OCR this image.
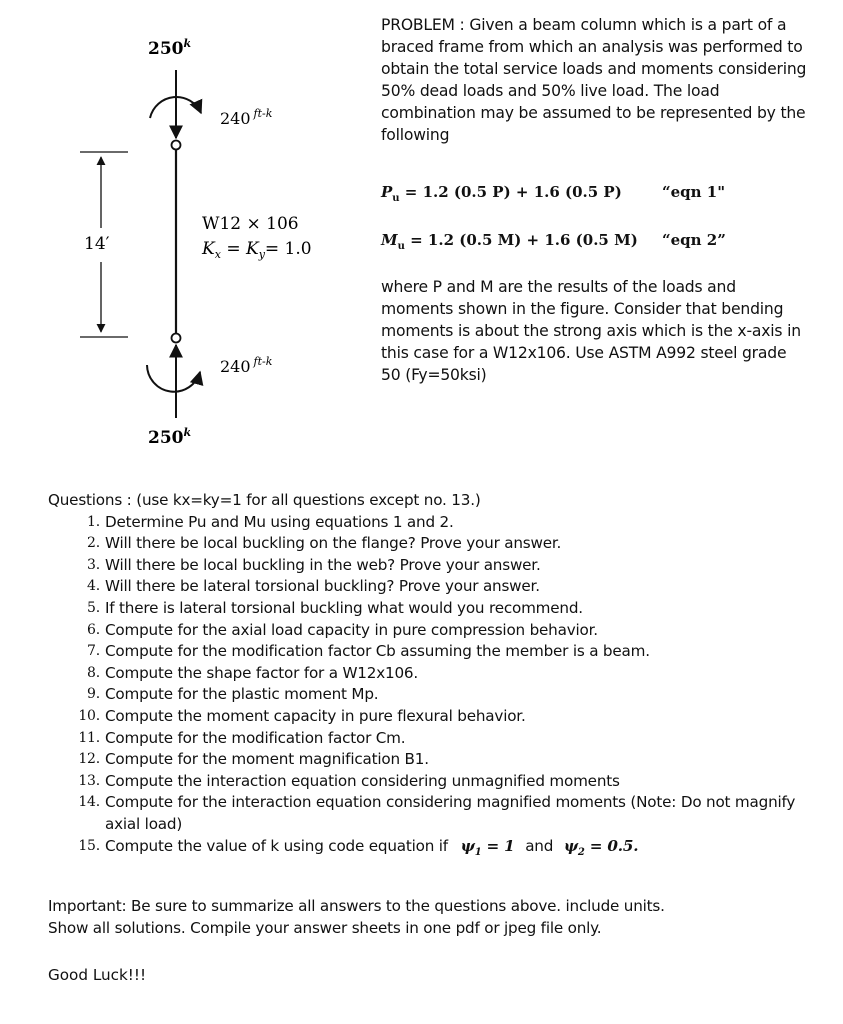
250$^k$
240 $^{ft-k}$
W12 × 106
$K_x = K_y= 1.0$
14′
240 $^{ft-k}$
250$^k$
PROBLEM : Given a beam column which is a part of a braced frame from which an analysis was performed to obtain the total service loads and moments considering 50% dead loads and 50% live load. The load combination may be assumed to be represented by the following
$P_u = 1.2$ (0.5 P) + 1.6 (0.5 P)	“eqn 1"
$M_u = 1.2$ (0.5 M) + 1.6 (0.5 M) “eqn 2”
where P and M are the results of the loads and moments shown in the figure. Consider that bending moments is about the strong axis which is the x-axis in this case for a W12x106. Use ASTM A992 steel grade 50 (Fy=50ksi)
Questions : (use kx=ky=1 for all questions except no. 13.)
1. Determine Pu and Mu using equations 1 and 2.
2. Will there be local buckling on the flange? Prove your answer.
3. Will there be local buckling in the web? Prove your answer.
4. Will there be lateral torsional buckling? Prove your answer.
5. If there is lateral torsional buckling what would you recommend.
6. Compute for the axial load capacity in pure compression behavior.
7. Compute for the modification factor Cb assuming the member is a beam.
8. Compute the shape factor for a W12x106.
9. Compute for the plastic moment Mp.
10. Compute the moment capacity in pure flexural behavior.
11. Compute for the modification factor Cm.
12. Compute for the moment magnification B1.
13. Compute the interaction equation considering unmagnified moments
14. Compute for the interaction equation considering magnified moments (Note: Do not magnify axial load)
15. Compute the value of k using code equation if $\psi_1 = 1$ and $\psi_2 = 0.5$.
Important: Be sure to summarize all answers to the questions above. include units. Show all solutions. Compile your answer sheets in one pdf or jpeg file only.
Good Luck!!!
